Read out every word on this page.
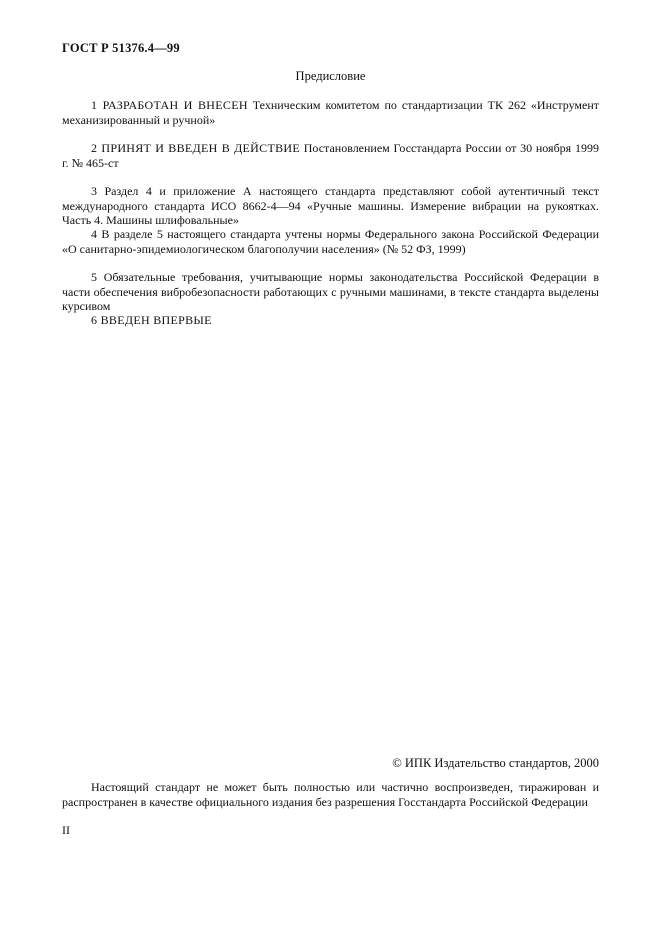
ГОСТ Р 51376.4—99

Предисловие

1 РАЗРАБОТАН И ВНЕСЕН Техническим комитетом по стандартизации ТК 262 «Инструмент механизированный и ручной»

2 ПРИНЯТ И ВВЕДЕН В ДЕЙСТВИЕ Постановлением Госстандарта России от 30 ноября 1999 г. № 465-ст

3 Раздел 4 и приложение А настоящего стандарта представляют собой аутентичный текст международного стандарта ИСО 8662-4—94 «Ручные машины. Измерение вибрации на рукоятках. Часть 4. Машины шлифовальные»

4 В разделе 5 настоящего стандарта учтены нормы Федерального закона Российской Федерации «О санитарно-эпидемиологическом благополучии населения» (№ 52 ФЗ, 1999)

5 Обязательные требования, учитывающие нормы законодательства Российской Федерации в части обеспечения вибробезопасности работающих с ручными машинами, в тексте стандарта выделены курсивом

6 ВВЕДЕН ВПЕРВЫЕ

© ИПК Издательство стандартов, 2000

Настоящий стандарт не может быть полностью или частично воспроизведен, тиражирован и распространен в качестве официального издания без разрешения Госстандарта Российской Федерации

II
